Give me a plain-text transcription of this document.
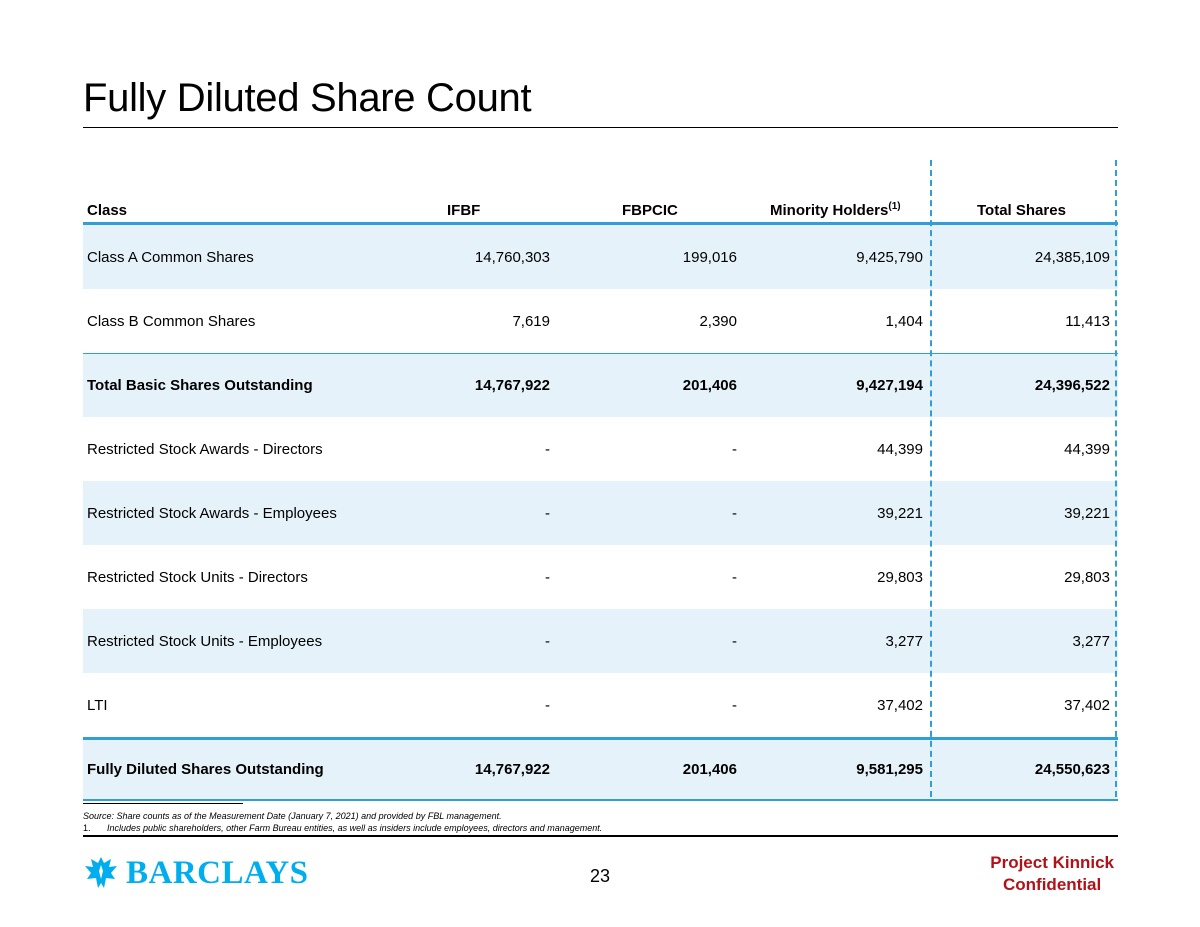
Fully Diluted Share Count
Class	IFBF	FBPCIC	Minority Holders$^{(1)}$	Total Shares
Class A Common Shares	14,760,303	199,016	9,425,790	24,385,109
Class B Common Shares	7,619	2,390	1,404	11,413
Total Basic Shares Outstanding	14,767,922	201,406	9,427,194	24,396,522
Restricted Stock Awards - Directors	-	-	44,399	44,399
Restricted Stock Awards - Employees	-	-	39,221	39,221
Restricted Stock Units - Directors	-	-	29,803	29,803
Restricted Stock Units - Employees	-	-	3,277	3,277
LTI	-	-	37,402	37,402
Fully Diluted Shares Outstanding	14,767,922	201,406	9,581,295	24,550,623
Source: Share counts as of the Measurement Date (January 7, 2021) and provided by FBL management.
1. Includes public shareholders, other Farm Bureau entities, as well as insiders include employees, directors and management.
BARCLAYS	23
Project Kinnick
Confidential
